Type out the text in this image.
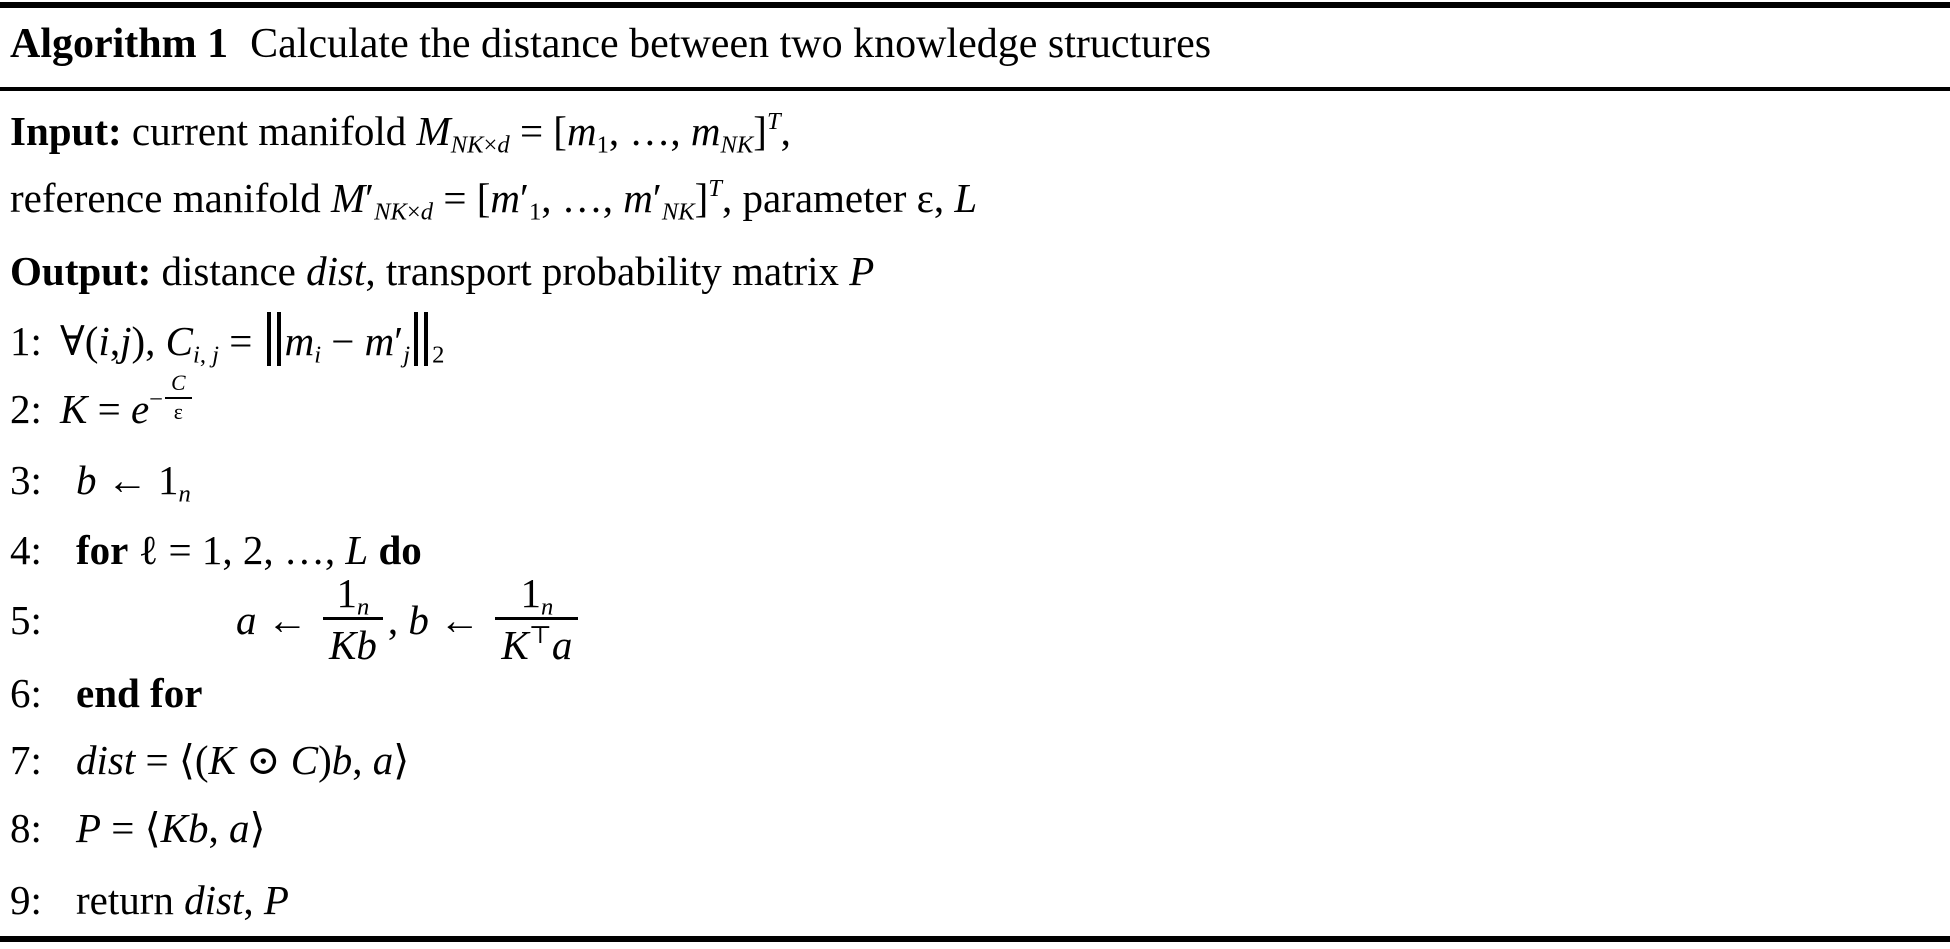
Algorithm 1 Calculate the distance between two knowledge structures
Input: current manifold $M_{NK\times d} = [m_1$, …, $m_{NK}]^T$,
reference manifold $M'_{NK\times d} = [m'_1$, …, $m'_{NK}]^T$, parameter ε, L
Output: distance dist, transport probability matrix P
1: ∀(i,j), $C_{i, j} = m_i - m'_j$ $_2$
2: $K = e^{- \frac{C}{\varepsilon}}$
3: b ← $1_n$
4: for ℓ = 1, 2, …, L do
5:	a ← $\frac{1_n}{Kb}$ , b ← $\frac{1_n}{K^⊤a}$
6: end for
7: dist = ⟨(K ⊙ C)b, a⟩
8: P = ⟨Kb, a⟩
9: return dist, P
